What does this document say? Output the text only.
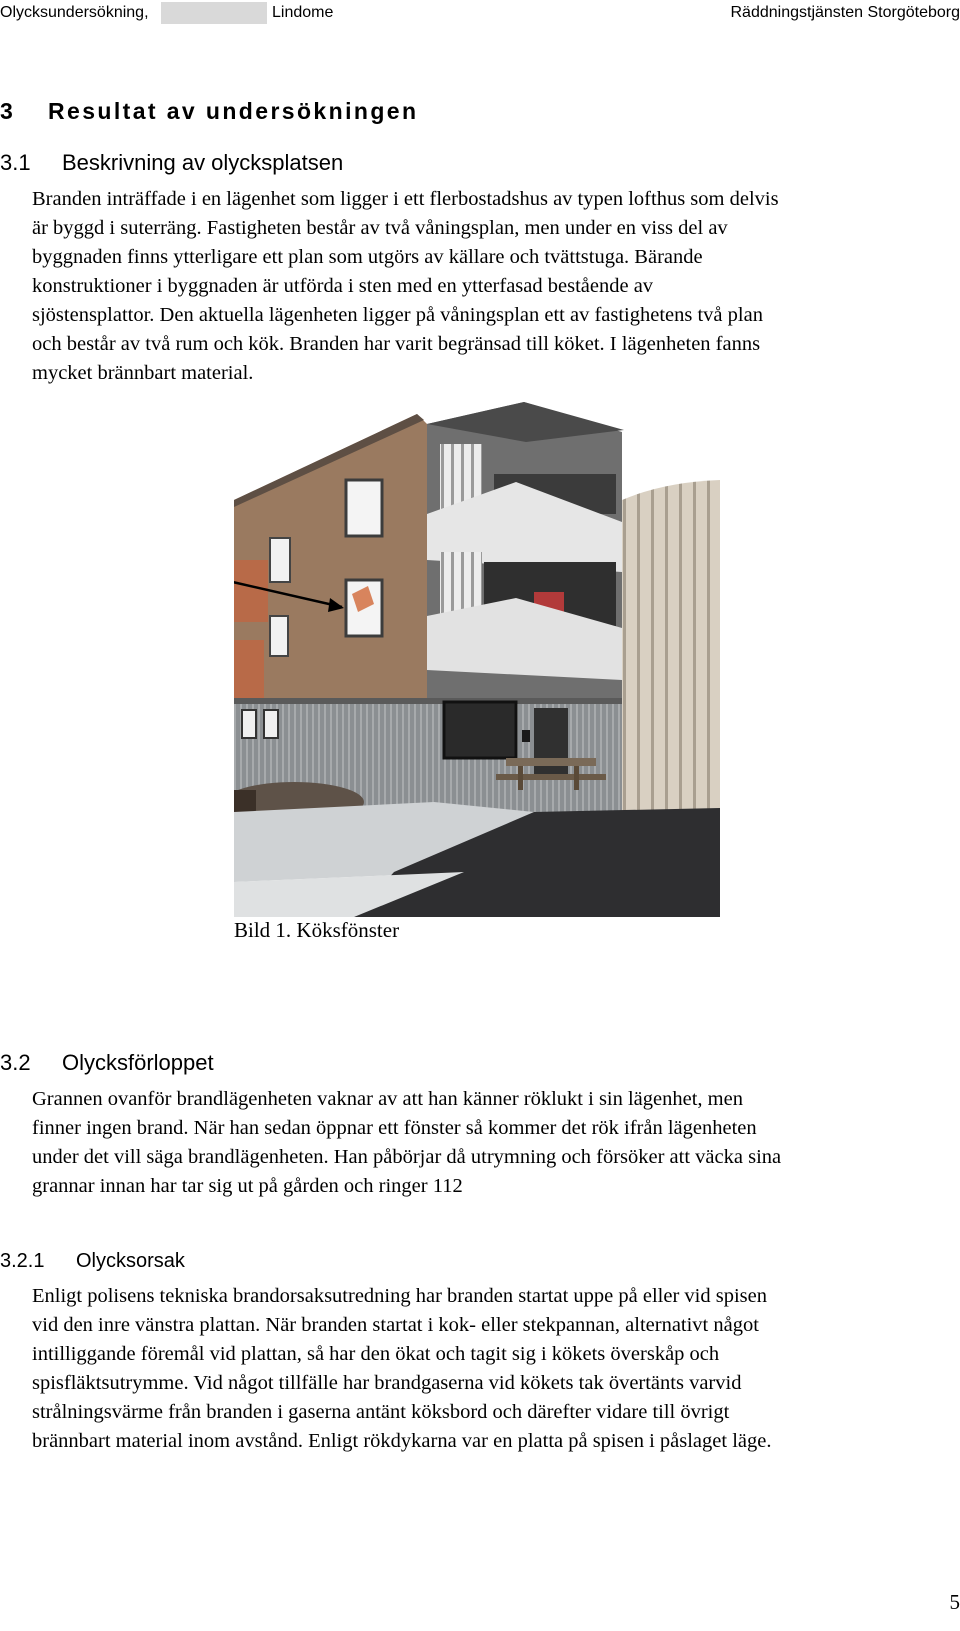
Olycksundersökning,	Lindome	Räddningstjänsten Storgöteborg
3 Resultat av undersökningen
3.1 Beskrivning av olycksplatsen
Branden inträffade i en lägenhet som ligger i ett flerbostadshus av typen lofthus som delvis
är byggd i suterräng. Fastigheten består av två våningsplan, men under en viss del av
byggnaden finns ytterligare ett plan som utgörs av källare och tvättstuga. Bärande
konstruktioner i byggnaden är utförda i sten med en ytterfasad bestående av
sjöstensplattor. Den aktuella lägenheten ligger på våningsplan ett av fastighetens två plan
och består av två rum och kök. Branden har varit begränsad till köket. I lägenheten fanns
mycket brännbart material.
Bild 1. Köksfönster
3.2 Olycksförloppet
Grannen ovanför brandlägenheten vaknar av att han känner röklukt i sin lägenhet, men
finner ingen brand. När han sedan öppnar ett fönster så kommer det rök ifrån lägenheten
under det vill säga brandlägenheten. Han påbörjar då utrymning och försöker att väcka sina
grannar innan har tar sig ut på gården och ringer 112
3.2.1 Olycksorsak
Enligt polisens tekniska brandorsaksutredning har branden startat uppe på eller vid spisen
vid den inre vänstra plattan. När branden startat i kok- eller stekpannan, alternativt något
intilliggande föremål vid plattan, så har den ökat och tagit sig i kökets överskåp och
spisfläktsutrymme. Vid något tillfälle har brandgaserna vid kökets tak övertänts varvid
strålningsvärme från branden i gaserna antänt köksbord och därefter vidare till övrigt
brännbart material inom avstånd. Enligt rökdykarna var en platta på spisen i påslaget läge.
5
